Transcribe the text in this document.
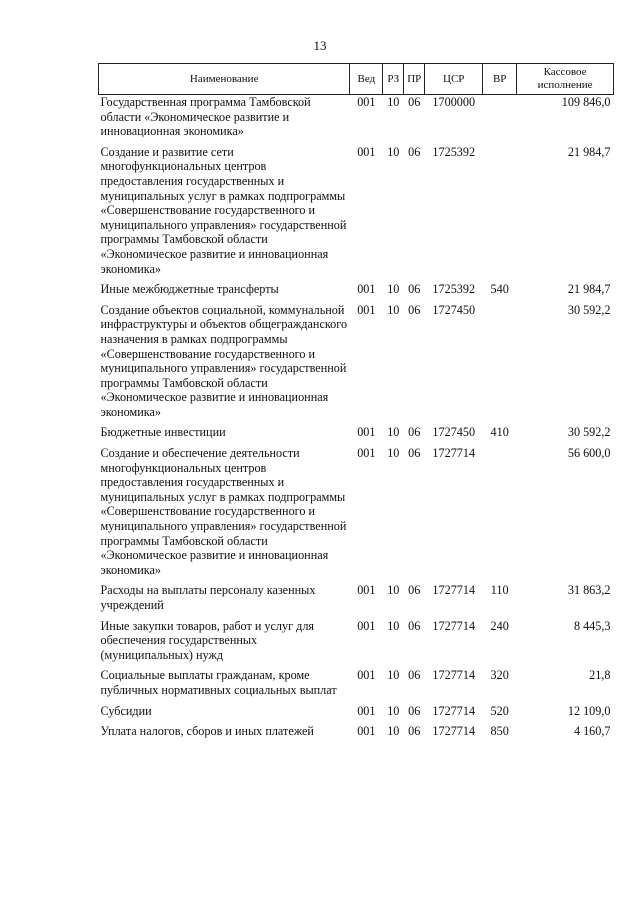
13
Наименование	Вед	РЗ	ПР	ЦСР	ВР	Кассовое исполнение
Государственная программа Тамбовской области «Экономическое развитие и инновационная экономика»	001	10	06	1700000		109 846,0
Создание и развитие сети многофункциональных центров предоставления государственных и муниципальных услуг в рамках подпрограммы «Совершенствование государственного и муниципального управления» государственной программы Тамбовской области «Экономическое развитие и инновационная экономика»	001	10	06	1725392		21 984,7
Иные межбюджетные трансферты	001	10	06	1725392	540	21 984,7
Создание объектов социальной, коммунальной инфраструктуры и объектов общегражданского назначения в рамках подпрограммы «Совершенствование государственного и муниципального управления» государственной программы Тамбовской области «Экономическое развитие и инновационная экономика»	001	10	06	1727450		30 592,2
Бюджетные инвестиции	001	10	06	1727450	410	30 592,2
Создание и обеспечение деятельности многофункциональных центров предоставления государственных и муниципальных услуг в рамках подпрограммы «Совершенствование государственного и муниципального управления» государственной программы Тамбовской области «Экономическое развитие и инновационная экономика»	001	10	06	1727714		56 600,0
Расходы на выплаты персоналу казенных учреждений	001	10	06	1727714	110	31 863,2
Иные закупки товаров, работ и услуг для обеспечения государственных (муниципальных) нужд	001	10	06	1727714	240	8 445,3
Социальные выплаты гражданам, кроме публичных нормативных социальных выплат	001	10	06	1727714	320	21,8
Субсидии	001	10	06	1727714	520	12 109,0
Уплата налогов, сборов и иных платежей	001	10	06	1727714	850	4 160,7
